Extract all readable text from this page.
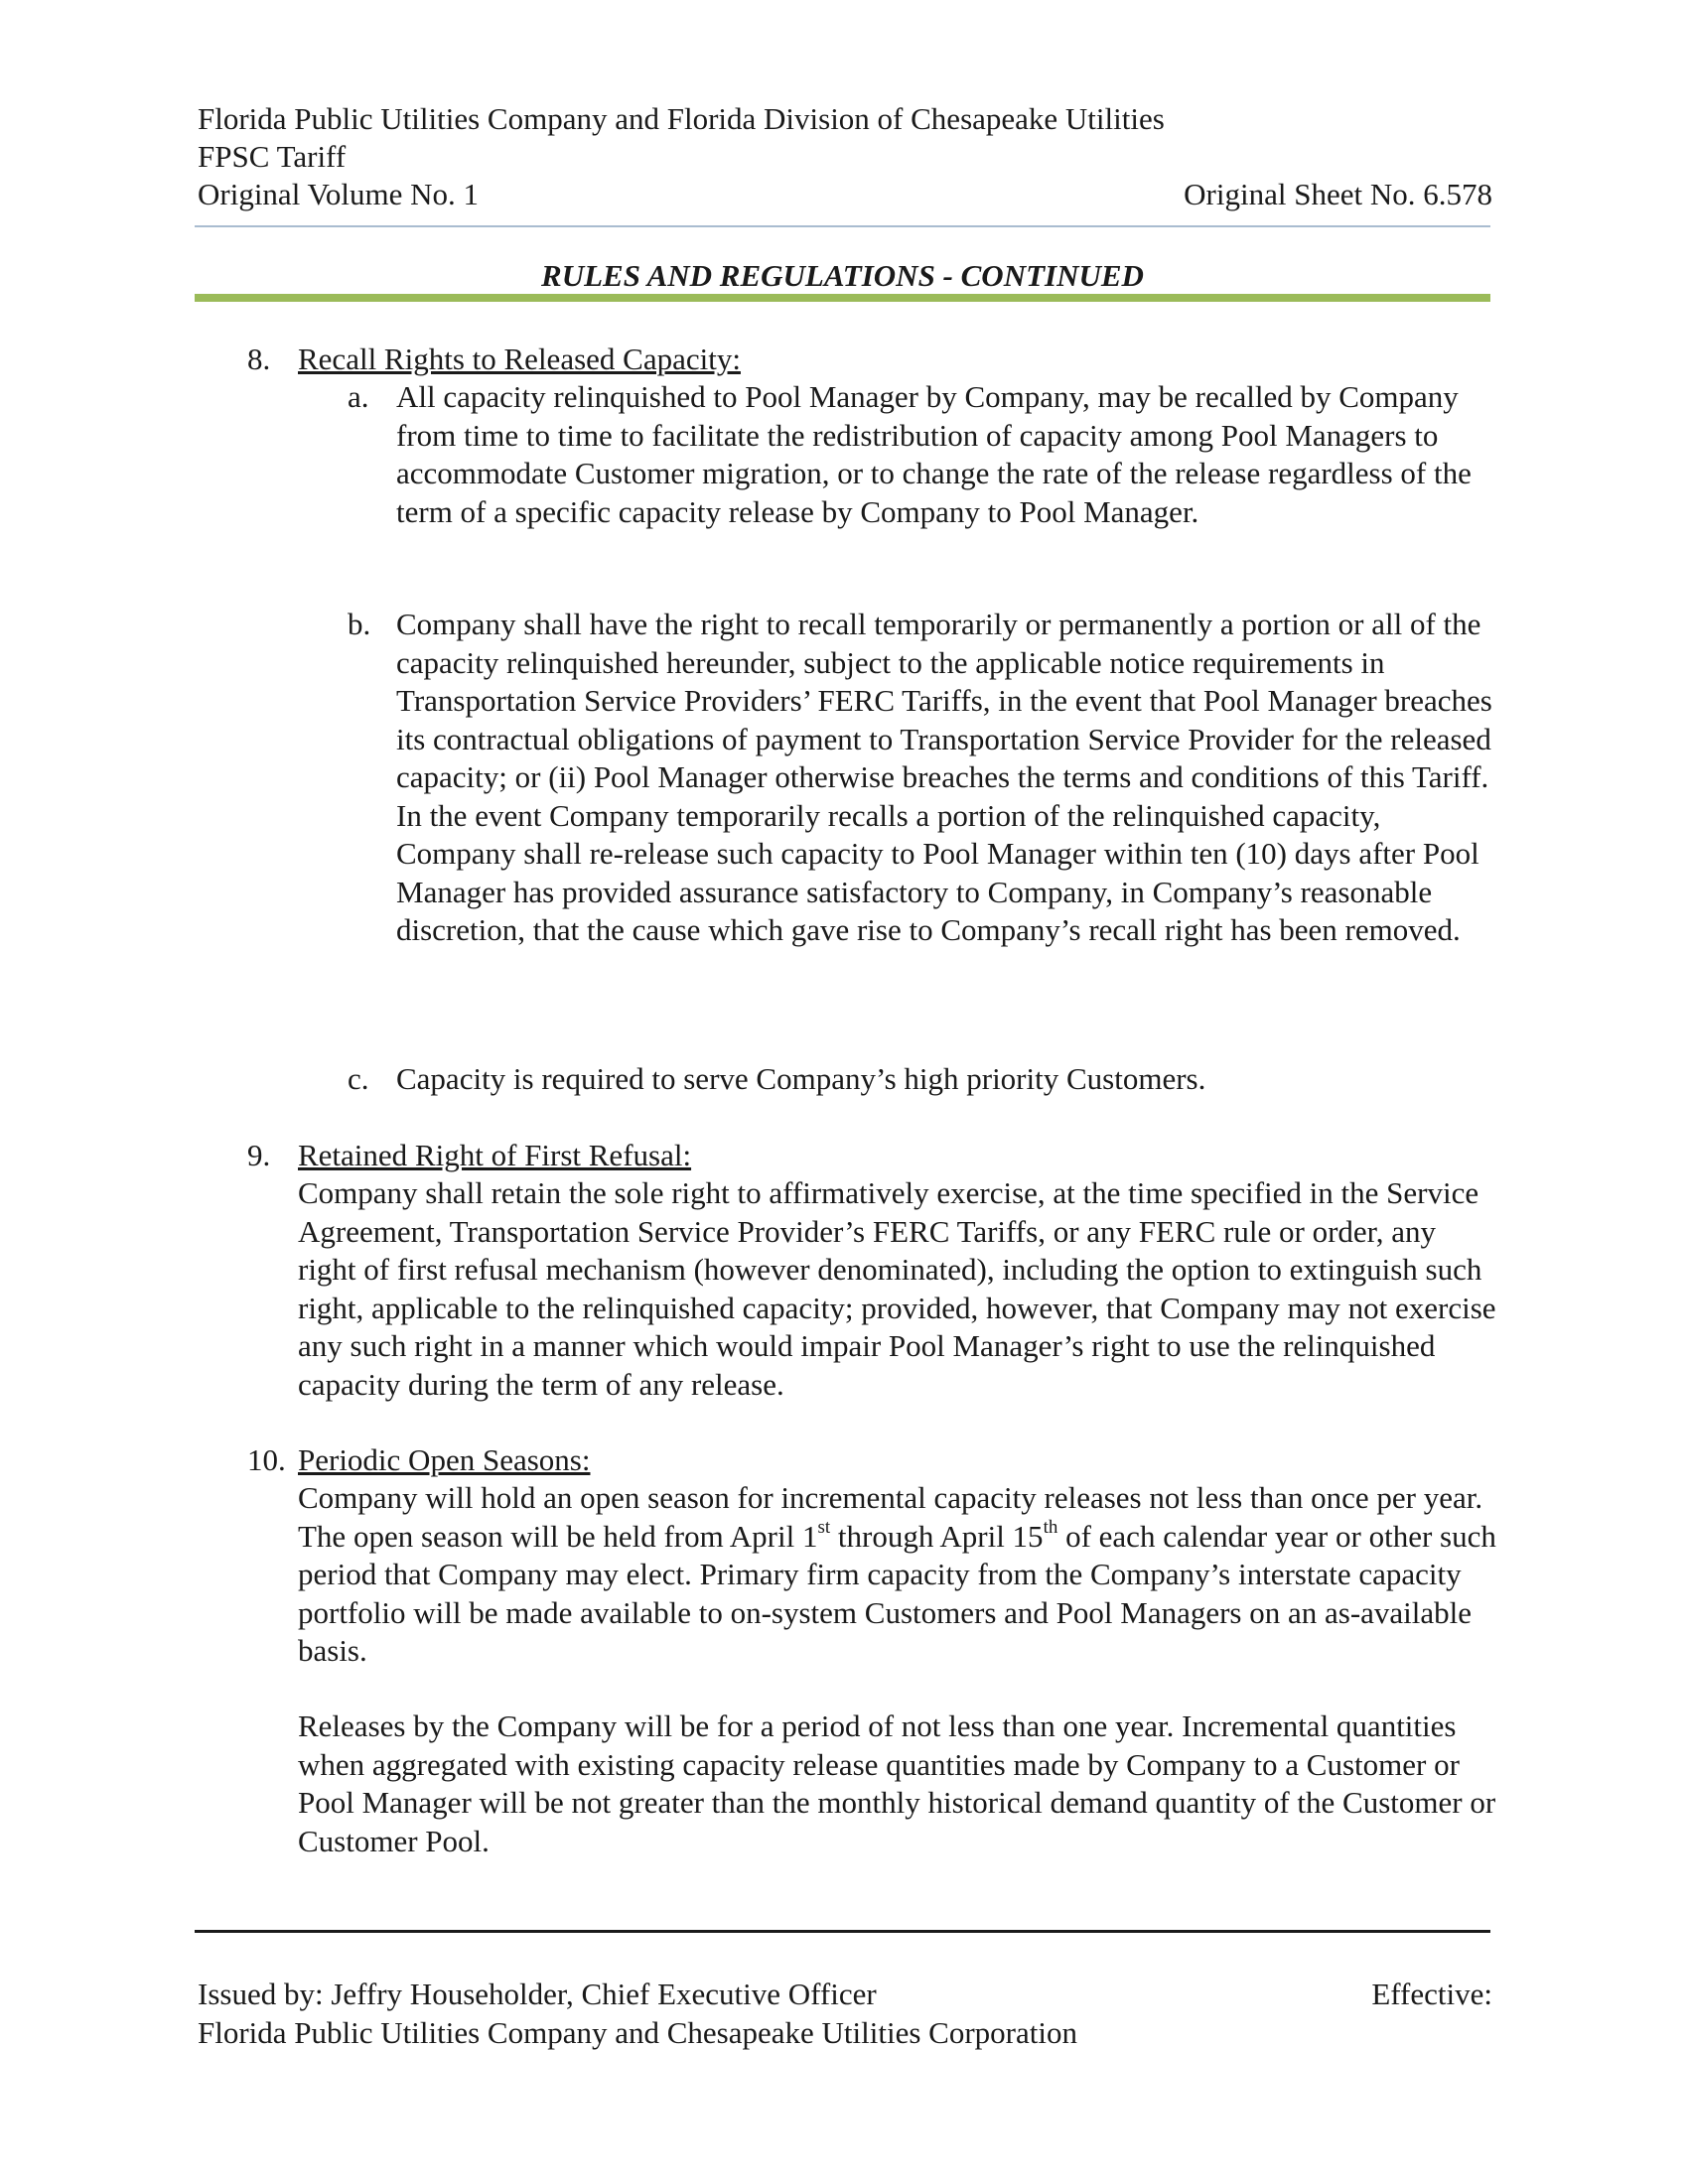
Florida Public Utilities Company and Florida Division of Chesapeake Utilities
FPSC Tariff
Original Volume No. 1	Original Sheet No. 6.578
RULES AND REGULATIONS - CONTINUED
8. Recall Rights to Released Capacity:
a. All capacity relinquished to Pool Manager by Company, may be recalled by Company from time to time to facilitate the redistribution of capacity among Pool Managers to accommodate Customer migration, or to change the rate of the release regardless of the term of a specific capacity release by Company to Pool Manager.
b. Company shall have the right to recall temporarily or permanently a portion or all of the capacity relinquished hereunder, subject to the applicable notice requirements in Transportation Service Providers’ FERC Tariffs, in the event that Pool Manager breaches its contractual obligations of payment to Transportation Service Provider for the released capacity; or (ii) Pool Manager otherwise breaches the terms and conditions of this Tariff. In the event Company temporarily recalls a portion of the relinquished capacity, Company shall re-release such capacity to Pool Manager within ten (10) days after Pool Manager has provided assurance satisfactory to Company, in Company’s reasonable discretion, that the cause which gave rise to Company’s recall right has been removed.
c. Capacity is required to serve Company’s high priority Customers.
9. Retained Right of First Refusal:
Company shall retain the sole right to affirmatively exercise, at the time specified in the Service Agreement, Transportation Service Provider’s FERC Tariffs, or any FERC rule or order, any right of first refusal mechanism (however denominated), including the option to extinguish such right, applicable to the relinquished capacity; provided, however, that Company may not exercise any such right in a manner which would impair Pool Manager’s right to use the relinquished capacity during the term of any release.
10. Periodic Open Seasons:
Company will hold an open season for incremental capacity releases not less than once per year. The open season will be held from April 1st through April 15th of each calendar year or other such period that Company may elect. Primary firm capacity from the Company’s interstate capacity portfolio will be made available to on-system Customers and Pool Managers on an as-available basis.
Releases by the Company will be for a period of not less than one year. Incremental quantities when aggregated with existing capacity release quantities made by Company to a Customer or Pool Manager will be not greater than the monthly historical demand quantity of the Customer or Customer Pool.
Issued by: Jeffry Householder, Chief Executive Officer	Effective:
Florida Public Utilities Company and Chesapeake Utilities Corporation
